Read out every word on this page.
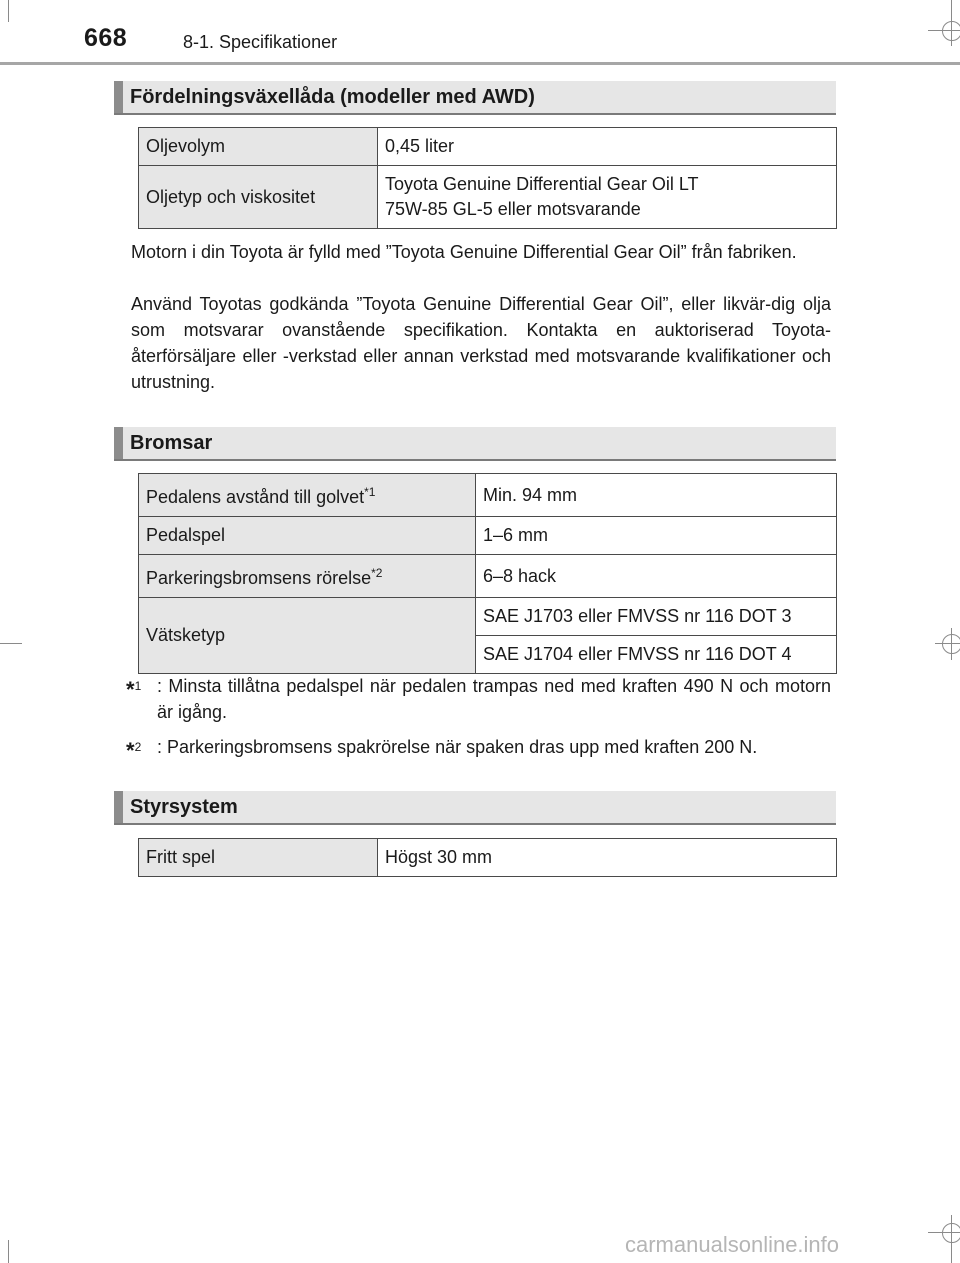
668	8-1. Specifikationer
Fördelningsväxellåda (modeller med AWD)
Oljevolym	0,45 liter
Oljetyp och viskositet	Toyota Genuine Differential Gear Oil LT
75W-85 GL-5 eller motsvarande

Motorn i din Toyota är fylld med ”Toyota Genuine Differential Gear Oil” från fabriken.

Använd Toyotas godkända ”Toyota Genuine Differential Gear Oil”, eller likvär-dig olja som motsvarar ovanstående specifikation. Kontakta en auktoriserad Toyota-återförsäljare eller -verkstad eller annan verkstad med motsvarande kvalifikationer och utrustning.

Bromsar
Pedalens avstånd till golvet$^{*1}$	Min. 94 mm
Pedalspel	1–6 mm
Parkeringsbromsens rörelse$^{*2}$	6–8 hack
Vätsketyp	SAE J1703 eller FMVSS nr 116 DOT 3
	SAE J1704 eller FMVSS nr 116 DOT 4
*$^1$ : Minsta tillåtna pedalspel när pedalen trampas ned med kraften 490 N och motorn är igång.
*$^2$ : Parkeringsbromsens spakrörelse när spaken dras upp med kraften 200 N.
Styrsystem
Fritt spel	Högst 30 mm
carmanualsonline.info
